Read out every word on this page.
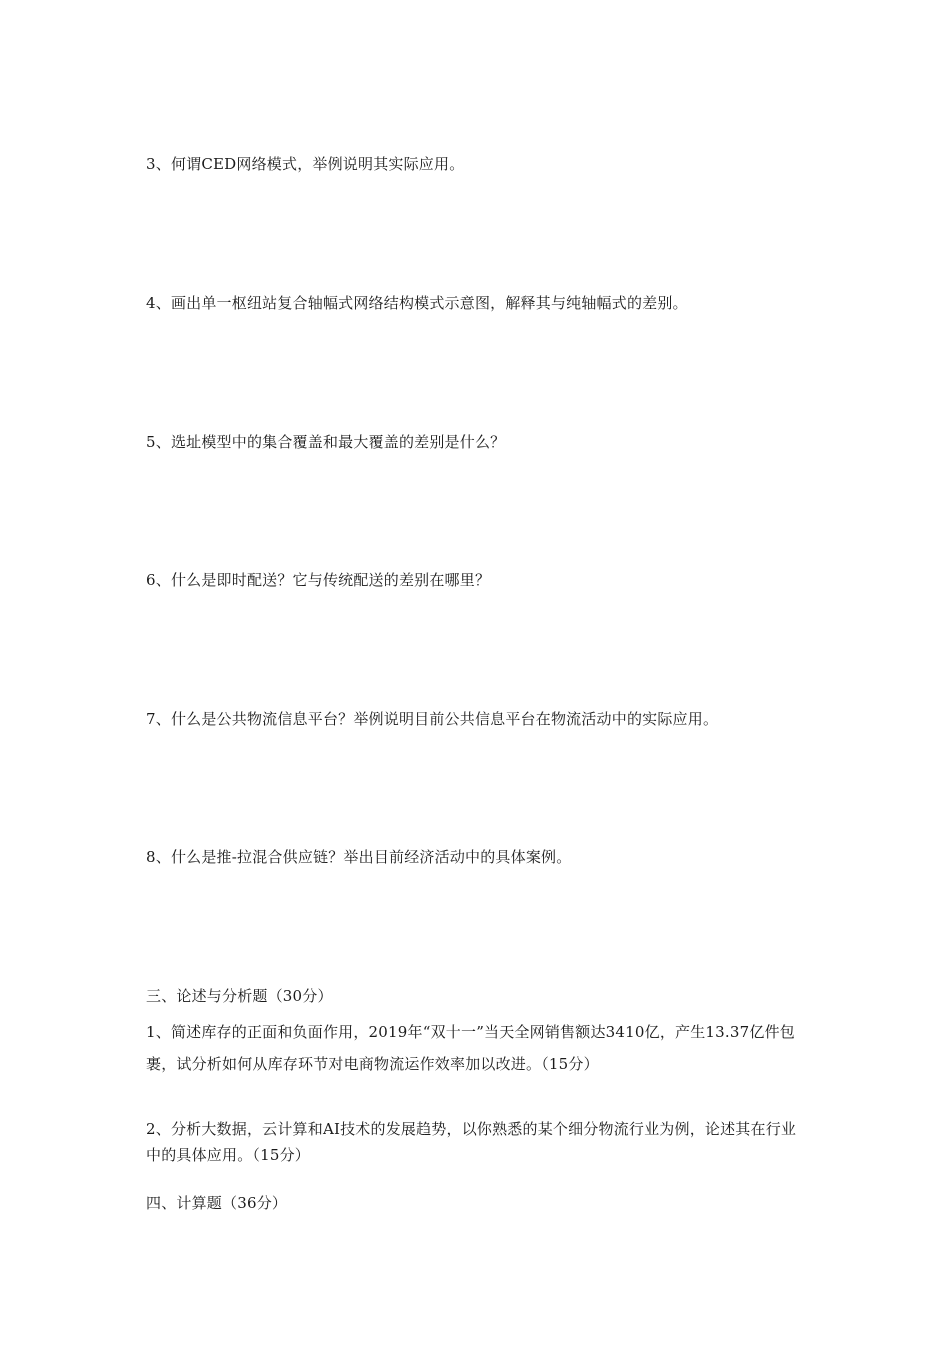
3、何谓CED网络模式，举例说明其实际应用。
4、画出单一枢纽站复合轴幅式网络结构模式示意图，解释其与纯轴幅式的差别。
5、选址模型中的集合覆盖和最大覆盖的差别是什么？
6、什么是即时配送？它与传统配送的差别在哪里？
7、什么是公共物流信息平台？举例说明目前公共信息平台在物流活动中的实际应用。
8、什么是推-拉混合供应链？举出目前经济活动中的具体案例。
三、论述与分析题（30分）
1、简述库存的正面和负面作用，2019年“双十一”当天全网销售额达3410亿，产生13.37亿件包裹，试分析如何从库存环节对电商物流运作效率加以改进。（15分）
2、分析大数据，云计算和AI技术的发展趋势，以你熟悉的某个细分物流行业为例，论述其在行业中的具体应用。（15分）
四、计算题（36分）
